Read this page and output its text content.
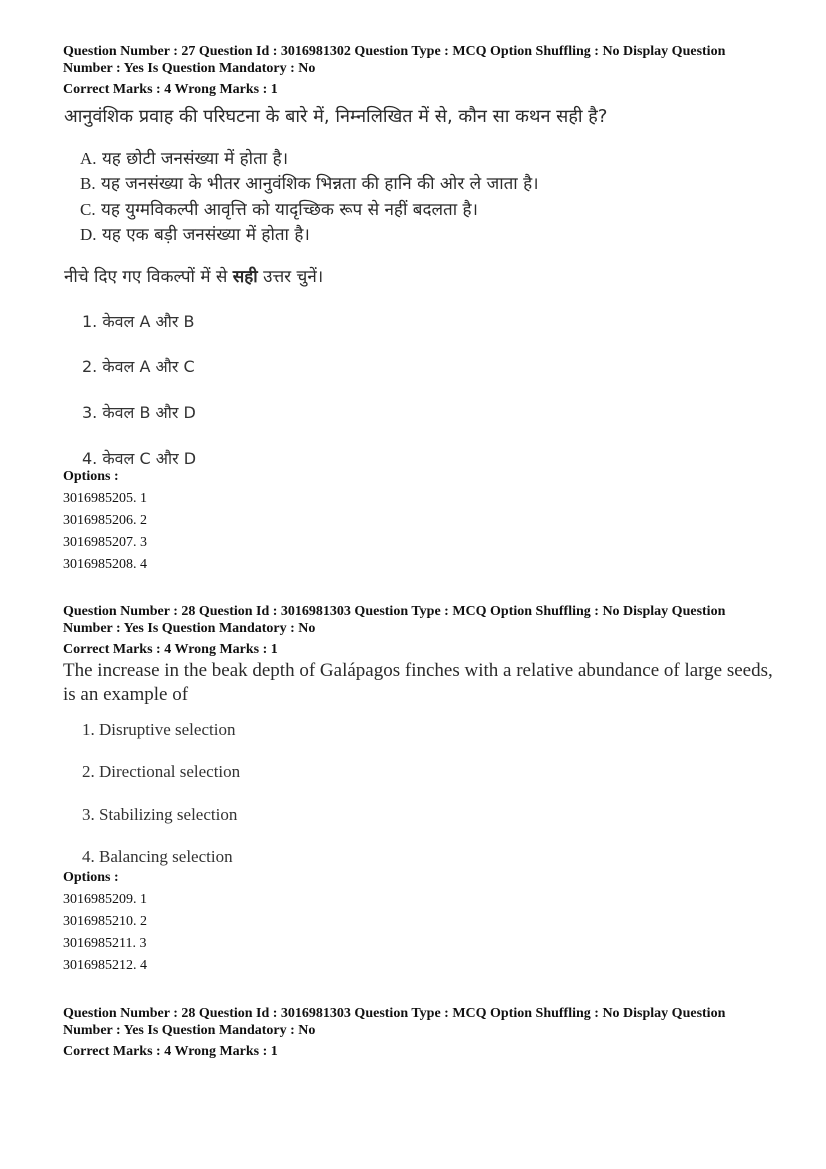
Question Number : 27 Question Id : 3016981302 Question Type : MCQ Option Shuffling : No Display Question
Number : Yes Is Question Mandatory : No
Correct Marks : 4 Wrong Marks : 1
आनुवंशिक प्रवाह की परिघटना के बारे में, निम्नलिखित में से, कौन सा कथन सही है?
A. यह छोटी जनसंख्या में होता है।
B. यह जनसंख्या के भीतर आनुवंशिक भिन्नता की हानि की ओर ले जाता है।
C. यह युग्मविकल्पी आवृत्ति को यादृच्छिक रूप से नहीं बदलता है।
D. यह एक बड़ी जनसंख्या में होता है।
नीचे दिए गए विकल्पों में से सही उत्तर चुनें।
1. केवल A और B
2. केवल A और C
3. केवल B और D
4. केवल C और D
Options :
3016985205. 1
3016985206. 2
3016985207. 3
3016985208. 4
Question Number : 28 Question Id : 3016981303 Question Type : MCQ Option Shuffling : No Display Question
Number : Yes Is Question Mandatory : No
Correct Marks : 4 Wrong Marks : 1
The increase in the beak depth of Galápagos finches with a relative abundance of large seeds, is an example of
1. Disruptive selection
2. Directional selection
3. Stabilizing selection
4. Balancing selection
Options :
3016985209. 1
3016985210. 2
3016985211. 3
3016985212. 4
Question Number : 28 Question Id : 3016981303 Question Type : MCQ Option Shuffling : No Display Question
Number : Yes Is Question Mandatory : No
Correct Marks : 4 Wrong Marks : 1
